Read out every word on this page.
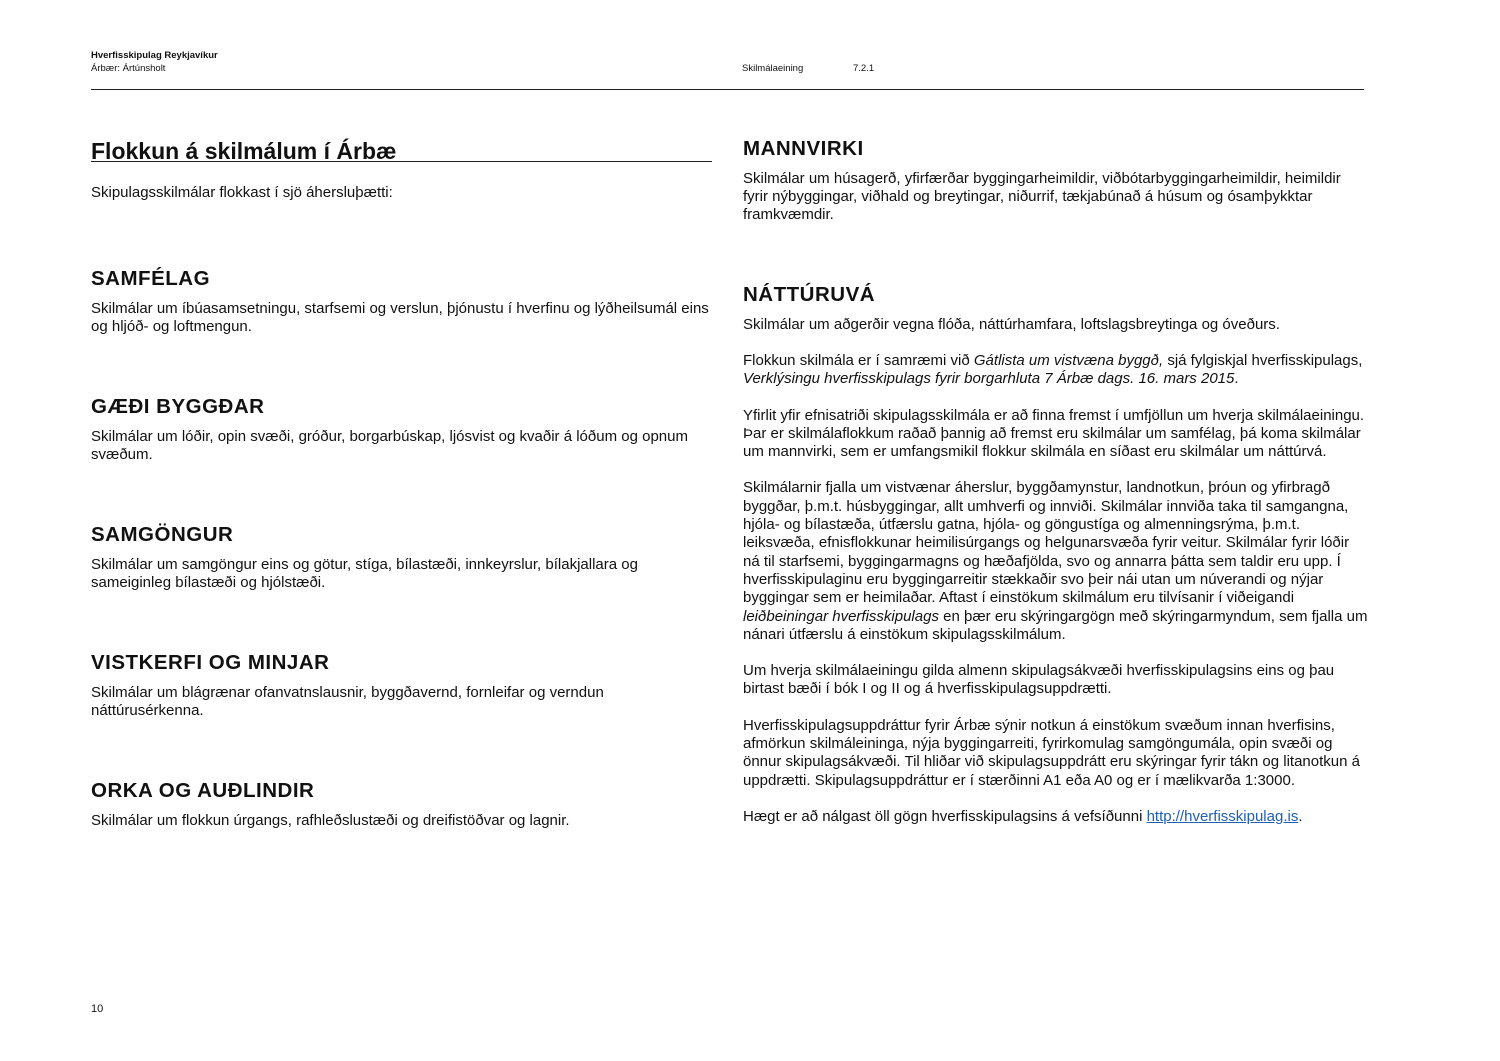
Hverfisskipulag Reykjavíkur
Árbær: Ártúnsholt	Skilmálaeining	7.2.1
Flokkun á skilmálum í Árbæ

Skipulagsskilmálar flokkast í sjö áhersluþætti:

SAMFÉLAG

Skilmálar um íbúasamsetningu, starfsemi og verslun, þjónustu í hverfinu og lýðheilsumál eins og hljóð- og loftmengun.

GÆÐI BYGGÐAR

Skilmálar um lóðir, opin svæði, gróður, borgarbúskap, ljósvist og kvaðir á lóðum og opnum svæðum.

SAMGÖNGUR

Skilmálar um samgöngur eins og götur, stíga, bílastæði, innkeyrslur, bílakjallara og sameiginleg bílastæði og hjólstæði.

VISTKERFI OG MINJAR

Skilmálar um blágrænar ofanvatnslausnir, byggðavernd, fornleifar og verndun náttúrusérkenna.

ORKA OG AUÐLINDIR

Skilmálar um flokkun úrgangs, rafhleðslustæði og dreifistöðvar og lagnir.

MANNVIRKI

Skilmálar um húsagerð, yfirfærðar byggingarheimildir, viðbótarbyggingarheimildir, heimildir fyrir nýbyggingar, viðhald og breytingar, niðurrif, tækjabúnað á húsum og ósamþykktar framkvæmdir.

NÁTTÚRUVÁ

Skilmálar um aðgerðir vegna flóða, náttúrhamfara, loftslagsbreytinga og óveðurs.

Flokkun skilmála er í samræmi við Gátlista um vistvæna byggð, sjá fylgiskjal hverfisskipulags, Verklýsingu hverfisskipulags fyrir borgarhluta 7 Árbæ dags. 16. mars 2015.

Yfirlit yfir efnisatriði skipulagsskilmála er að finna fremst í umfjöllun um hverja skilmálaeiningu. Þar er skilmálaflokkum raðað þannig að fremst eru skilmálar um samfélag, þá koma skilmálar um mannvirki, sem er umfangsmikil flokkur skilmála en síðast eru skilmálar um náttúrvá.

Skilmálarnir fjalla um vistvænar áherslur, byggðamynstur, landnotkun, þróun og yfirbragð byggðar, þ.m.t. húsbyggingar, allt umhverfi og innviði. Skilmálar innviða taka til samgangna, hjóla- og bílastæða, útfærslu gatna, hjóla- og göngustíga og almenningsrýma, þ.m.t. leiksvæða, efnisflokkunar heimilisúrgangs og helgunarsvæða fyrir veitur. Skilmálar fyrir lóðir ná til starfsemi, byggingarmagns og hæðafjölda, svo og annarra þátta sem taldir eru upp. Í hverfisskipulaginu eru byggingarreitir stækkaðir svo þeir nái utan um núverandi og nýjar byggingar sem er heimilaðar. Aftast í einstökum skilmálum eru tilvísanir í viðeigandi leiðbeiningar hverfisskipulags en þær eru skýringargögn með skýringarmyndum, sem fjalla um nánari útfærslu á einstökum skipulagsskilmálum.

Um hverja skilmálaeiningu gilda almenn skipulagsákvæði hverfisskipulagsins eins og þau birtast bæði í bók I og II og á hverfisskipulagsuppdrætti.

Hverfisskipulagsuppdráttur fyrir Árbæ sýnir notkun á einstökum svæðum innan hverfisins, afmörkun skilmáleininga, nýja byggingarreiti, fyrirkomulag samgöngumála, opin svæði og önnur skipulagsákvæði. Til hliðar við skipulagsuppdrátt eru skýringar fyrir tákn og litanotkun á uppdrætti. Skipulagsuppdráttur er í stærðinni A1 eða A0 og er í mælikvarða 1:3000.

Hægt er að nálgast öll gögn hverfisskipulagsins á vefsíðunni http://hverfisskipulag.is.

10
